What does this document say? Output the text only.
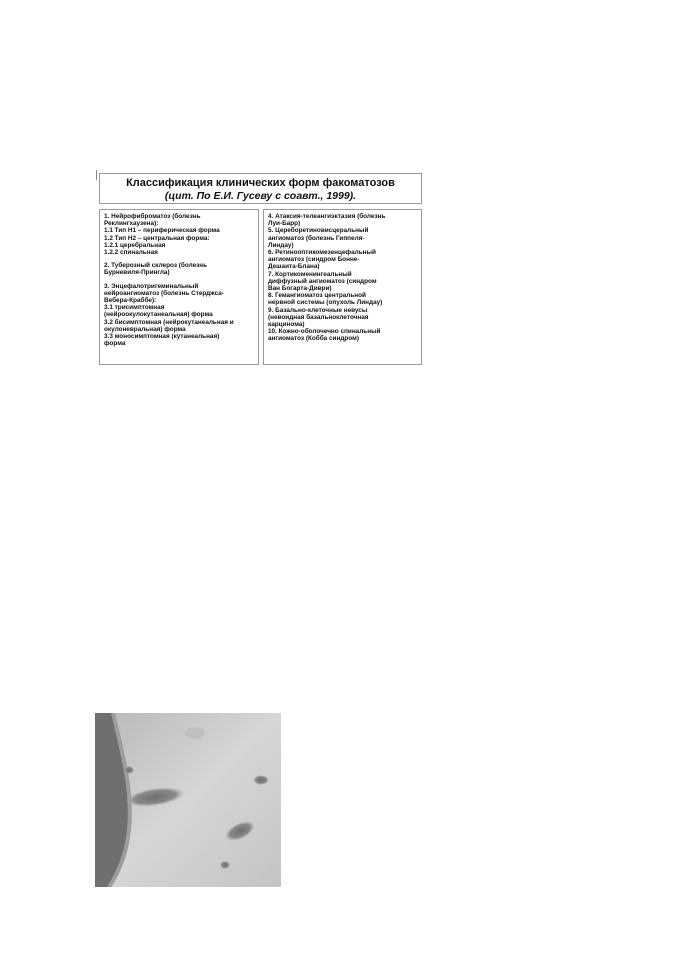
Классификация клинических форм факоматозов
(цит. По Е.И. Гусеву с соавт., 1999).

1. Нейрофиброматоз (болезнь
Реклингхаузена):

1.1 Тип Н1 – периферическая форма

1.2 Тип Н2 – центральная форма:

1.2.1 церебральная

1.2.2 спинальная

2. Туберозный склероз (болезнь
Бурневиля-Прингла)

3. Энцефалотригеминальный
нейроангиоматоз (болезнь Стерджса-
Вебера-Краббе):

3.1 трисимптомная
(нейроокулокутанеальная) форма

3.2 бисимптомная (нейрокутанеальная и
окулоневральная) форма

3.3 моносимптомная (кутанеальная)
форма

4. Атаксия-телеангиэктазия (болезнь
Луи-Барр)

5. Цереборетиновисцеральный
ангиоматоз (болезнь Гиппеля-
Линдау)

6. Ретинооптикомезенцефальный
ангиоматоз (синдром Бонне-
Дешаита-Блана)

7. Кортикоменингеальный
диффузный ангиоматоз (синдром
Ван Богарта-Диври)

8. Гемангиоматоз центральной
нервной системы (опухоль Линдау)

9. Базально-клеточные невусы
(невоидная базальноклеточная
карцинома)

10. Кожно-оболочечно спинальный
ангиоматоз (Кобба синдром)
